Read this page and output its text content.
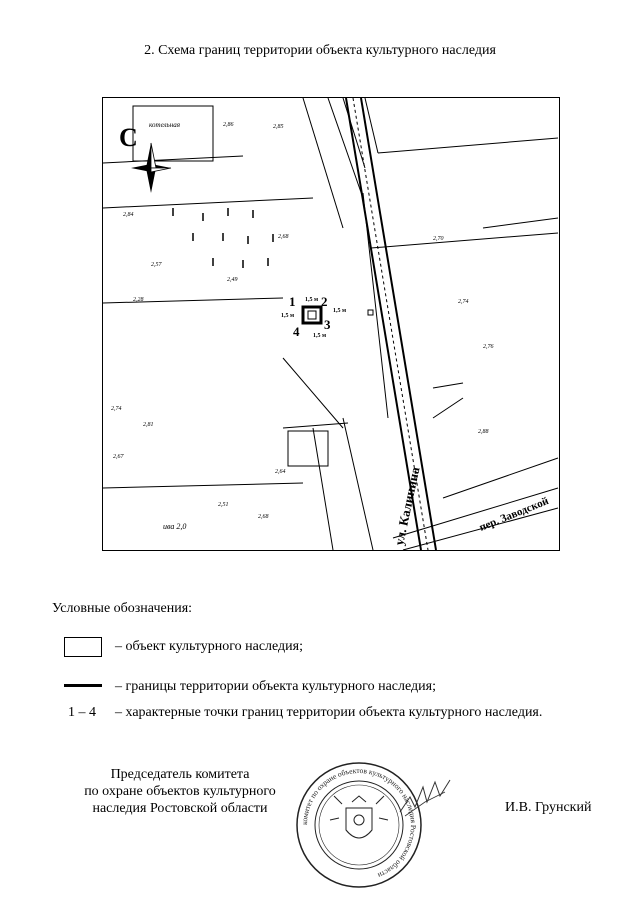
2. Схема границ территории объекта культурного наследия
С котельная
1 2
3
4
1,5 м
1,5 м
1,5 м
1,5 м
2,86	2,85
2,84
2,57
2,49
2,28
2,68	2,70
2,76
2,74
2,81
2,88
2,67
2,51
2,74
2,64
ива 2,0
2,68	ул. Калинина	пер. Заводской
Условные обозначения:
– объект культурного наследия;
– границы территории объекта культурного наследия;
1 – 4	– характерные точки границ территории объекта культурного наследия.
Председатель комитета
по охране объектов культурного
наследия Ростовской области
комитет по охране объектов культурного наследия Ростовской области
И.В. Грунский
